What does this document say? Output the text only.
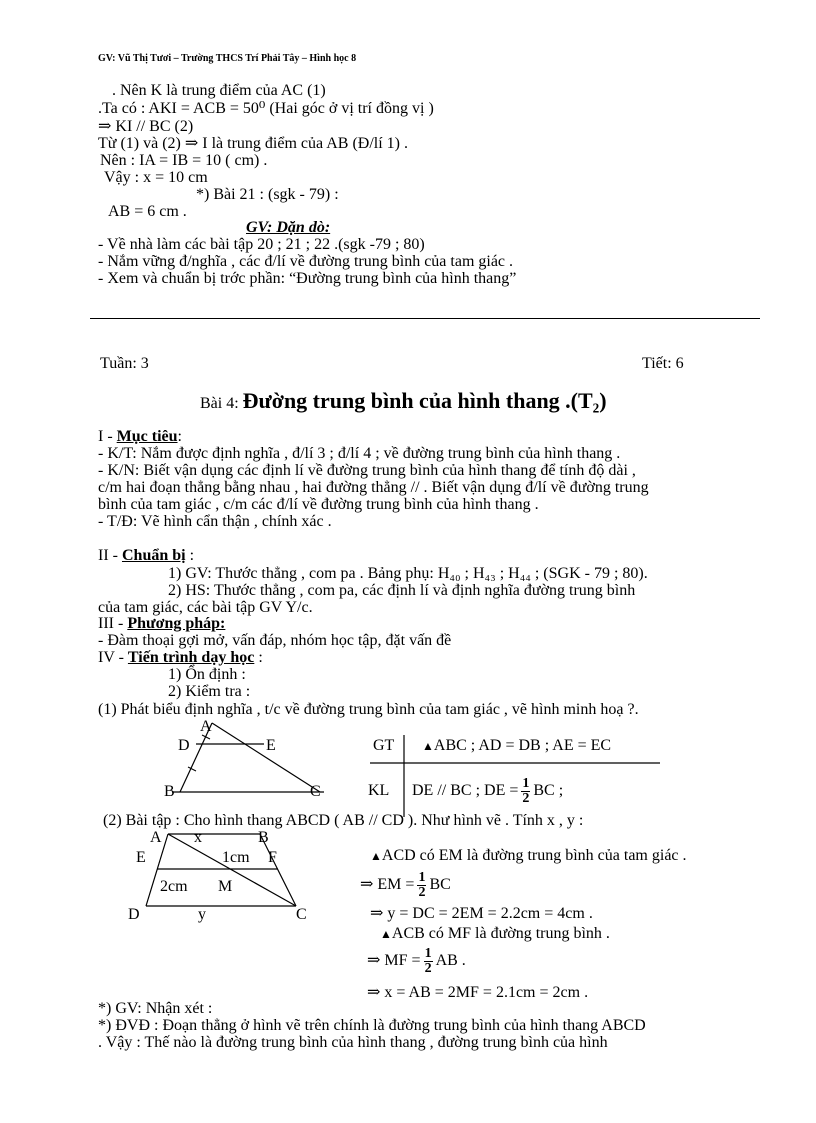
GV: Vũ Thị Tươi – Trường THCS Trí Phải Tây – Hình học 8
. Nên K là trung điểm của AC (1)
.Ta có : AKI = ACB = 50⁰ (Hai góc ở vị trí đồng vị )
⇒ KI // BC (2)
Từ (1) và (2) ⇒ I là trung điểm của AB (Đ/lí 1) .
Nên : IA = IB = 10 ( cm) .
Vậy : x = 10 cm
*) Bài 21 : (sgk - 79) :
AB = 6 cm .
GV: Dặn dò:
- Về nhà làm các bài tập 20 ; 21 ; 22 .(sgk -79 ; 80)
- Nắm vững đ/nghĩa , các đ/lí về đường trung bình của tam giác .
- Xem và chuẩn bị trớc phần: “Đường trung bình của hình thang”
Tuần: 3	Tiết: 6
Bài 4: Đường trung bình của hình thang .(T₂)
I - Mục tiêu:
- K/T: Nắm được định nghĩa , đ/lí 3 ; đ/lí 4 ; về đường trung bình của hình thang .
- K/N: Biết vận dụng các định lí về đường trung bình của hình thang để tính độ dài ,
c/m hai đoạn thẳng bằng nhau , hai đường thẳng // . Biết vận dụng đ/lí về đường trung
bình của tam giác , c/m các đ/lí về đường trung bình của hình thang .
- T/Đ: Vẽ hình cẩn thận , chính xác .
II - Chuẩn bị :
1) GV: Thước thẳng , com pa . Bảng phụ: H₄₀ ; H₄₃ ; H₄₄ ; (SGK - 79 ; 80).
2) HS: Thước thẳng , com pa, các định lí và định nghĩa đường trung bình
của tam giác, các bài tập GV Y/c.
III - Phương pháp:
- Đàm thoại gợi mở, vấn đáp, nhóm học tập, đặt vấn đề
IV - Tiến trình dạy học :
1) Ổn định :
2) Kiểm tra :
(1) Phát biểu định nghĩa , t/c về đường trung bình của tam giác , vẽ hình minh hoạ ?.
A
D	E
B	C
GT ▲ABC ; AD = DB ; AE = EC
KL DE // BC ; DE = $\frac{1}{2}$ BC ;
(2) Bài tập : Cho hình thang ABCD ( AB // CD ). Như hình vẽ . Tính x , y :
A x	B
E	1cm F
2cm M
D	y	C
▲ACD có EM là đường trung bình của tam giác .
⇒ EM = $\frac{1}{2}$ BC
⇒ y = DC = 2EM = 2.2cm = 4cm .
▲ACB có MF là đường trung bình .
⇒ MF = $\frac{1}{2}$ AB .
⇒ x = AB = 2MF = 2.1cm = 2cm .
*) GV: Nhận xét :
*) ĐVĐ : Đoạn thẳng ở hình vẽ trên chính là đường trung bình của hình thang ABCD
. Vậy : Thế nào là đường trung bình của hình thang , đường trung bình của hình
